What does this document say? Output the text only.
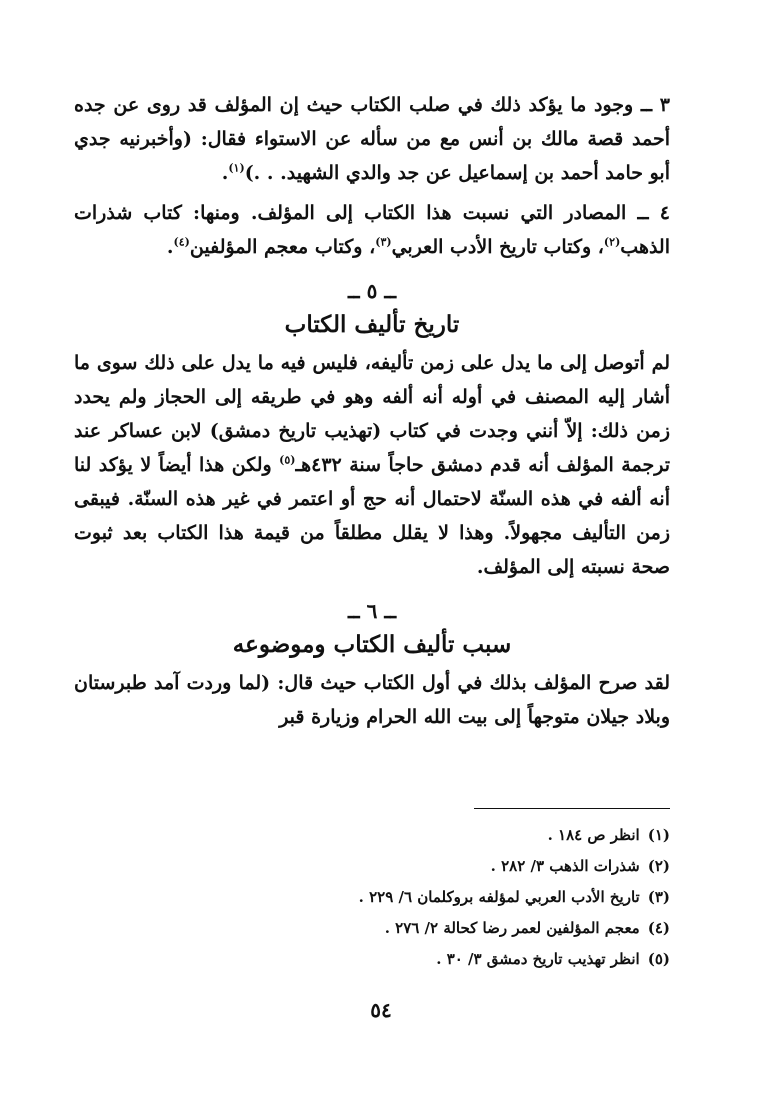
٣ ــ وجود ما يؤكد ذلك في صلب الكتاب حيث إن المؤلف قد روى عن جده أحمد قصة مالك بن أنس مع من سأله عن الاستواء فقال: (وأخبرنيه جدي أبو حامد أحمد بن إسماعيل عن جد والدي الشهيد. . .)$^{(١)}$.

٤ ــ المصادر التي نسبت هذا الكتاب إلى المؤلف. ومنها: كتاب شذرات الذهب$^{(٢)}$، وكتاب تاريخ الأدب العربي$^{(٣)}$، وكتاب معجم المؤلفين$^{(٤)}$.

ــ ٥ ــ
تاريخ تأليف الكتاب

لم أتوصل إلى ما يدل على زمن تأليفه، فليس فيه ما يدل على ذلك سوى ما أشار إليه المصنف في أوله أنه ألفه وهو في طريقه إلى الحجاز ولم يحدد زمن ذلك: إلاّ أنني وجدت في كتاب (تهذيب تاريخ دمشق) لابن عساكر عند ترجمة المؤلف أنه قدم دمشق حاجاً سنة ٤٣٢هـ$^{(٥)}$ ولكن هذا أيضاً لا يؤكد لنا أنه ألفه في هذه السنّة لاحتمال أنه حج أو اعتمر في غير هذه السنّة. فيبقى زمن التأليف مجهولاً. وهذا لا يقلل مطلقاً من قيمة هذا الكتاب بعد ثبوت صحة نسبته إلى المؤلف.

ــ ٦ ــ
سبب تأليف الكتاب وموضوعه

لقد صرح المؤلف بذلك في أول الكتاب حيث قال: (لما وردت آمد طبرستان وبلاد جيلان متوجهاً إلى بيت الله الحرام وزيارة قبر

(١)انظر ص ١٨٤ .
(٢)شذرات الذهب ٣/ ٢٨٢ .
(٣)تاريخ الأدب العربي لمؤلفه بروكلمان ٦/ ٢٢٩ .
(٤)معجم المؤلفين لعمر رضا كحالة ٢/ ٢٧٦ .
(٥)انظر تهذيب تاريخ دمشق ٣/ ٣٠ .
٥٤
